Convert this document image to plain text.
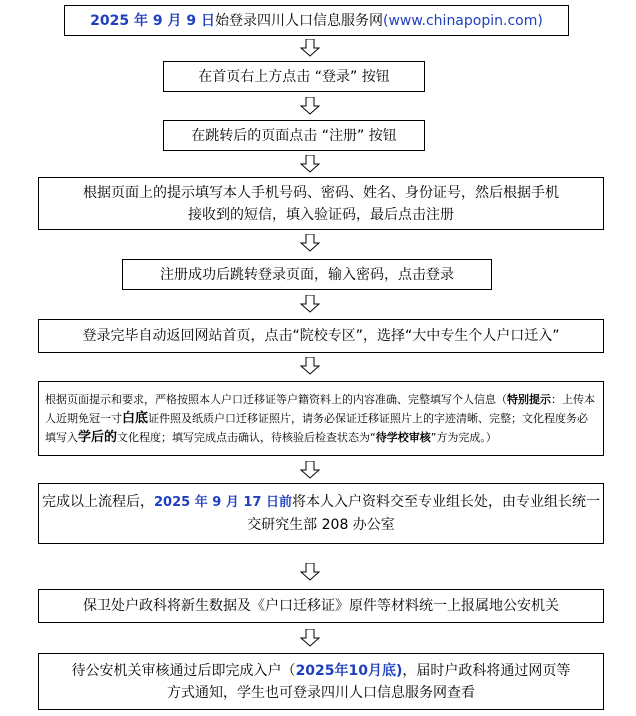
2025 年 9 月 9 日始登录四川人口信息服务网(www.chinapopin.com)
在首页右上方点击 “登录” 按钮
在跳转后的页面点击 “注册” 按钮
根据页面上的提示填写本人手机号码、密码、姓名、身份证号，然后根据手机
接收到的短信，填入验证码，最后点击注册
注册成功后跳转登录页面，输入密码，点击登录
登录完毕自动返回网站首页，点击“院校专区”，选择“大中专生个人户口迁入”
根据页面提示和要求，严格按照本人户口迁移证等户籍资料上的内容准确、完整填写个人信息（特别提示：上传本人近期免冠一寸白底证件照及纸质户口迁移证照片，请务必保证迁移证照片上的字迹清晰、完整；文化程度务必填写入学后的文化程度；填写完成点击确认，待核验后检查状态为“待学校审核”方为完成。）
完成以上流程后，2025 年 9 月 17 日前将本人入户资料交至专业组长处，由专业组长统一
交研究生部 208 办公室
保卫处户政科将新生数据及《户口迁移证》原件等材料统一上报属地公安机关
待公安机关审核通过后即完成入户（2025年10月底)，届时户政科将通过网页等
方式通知，学生也可登录四川人口信息服务网查看
